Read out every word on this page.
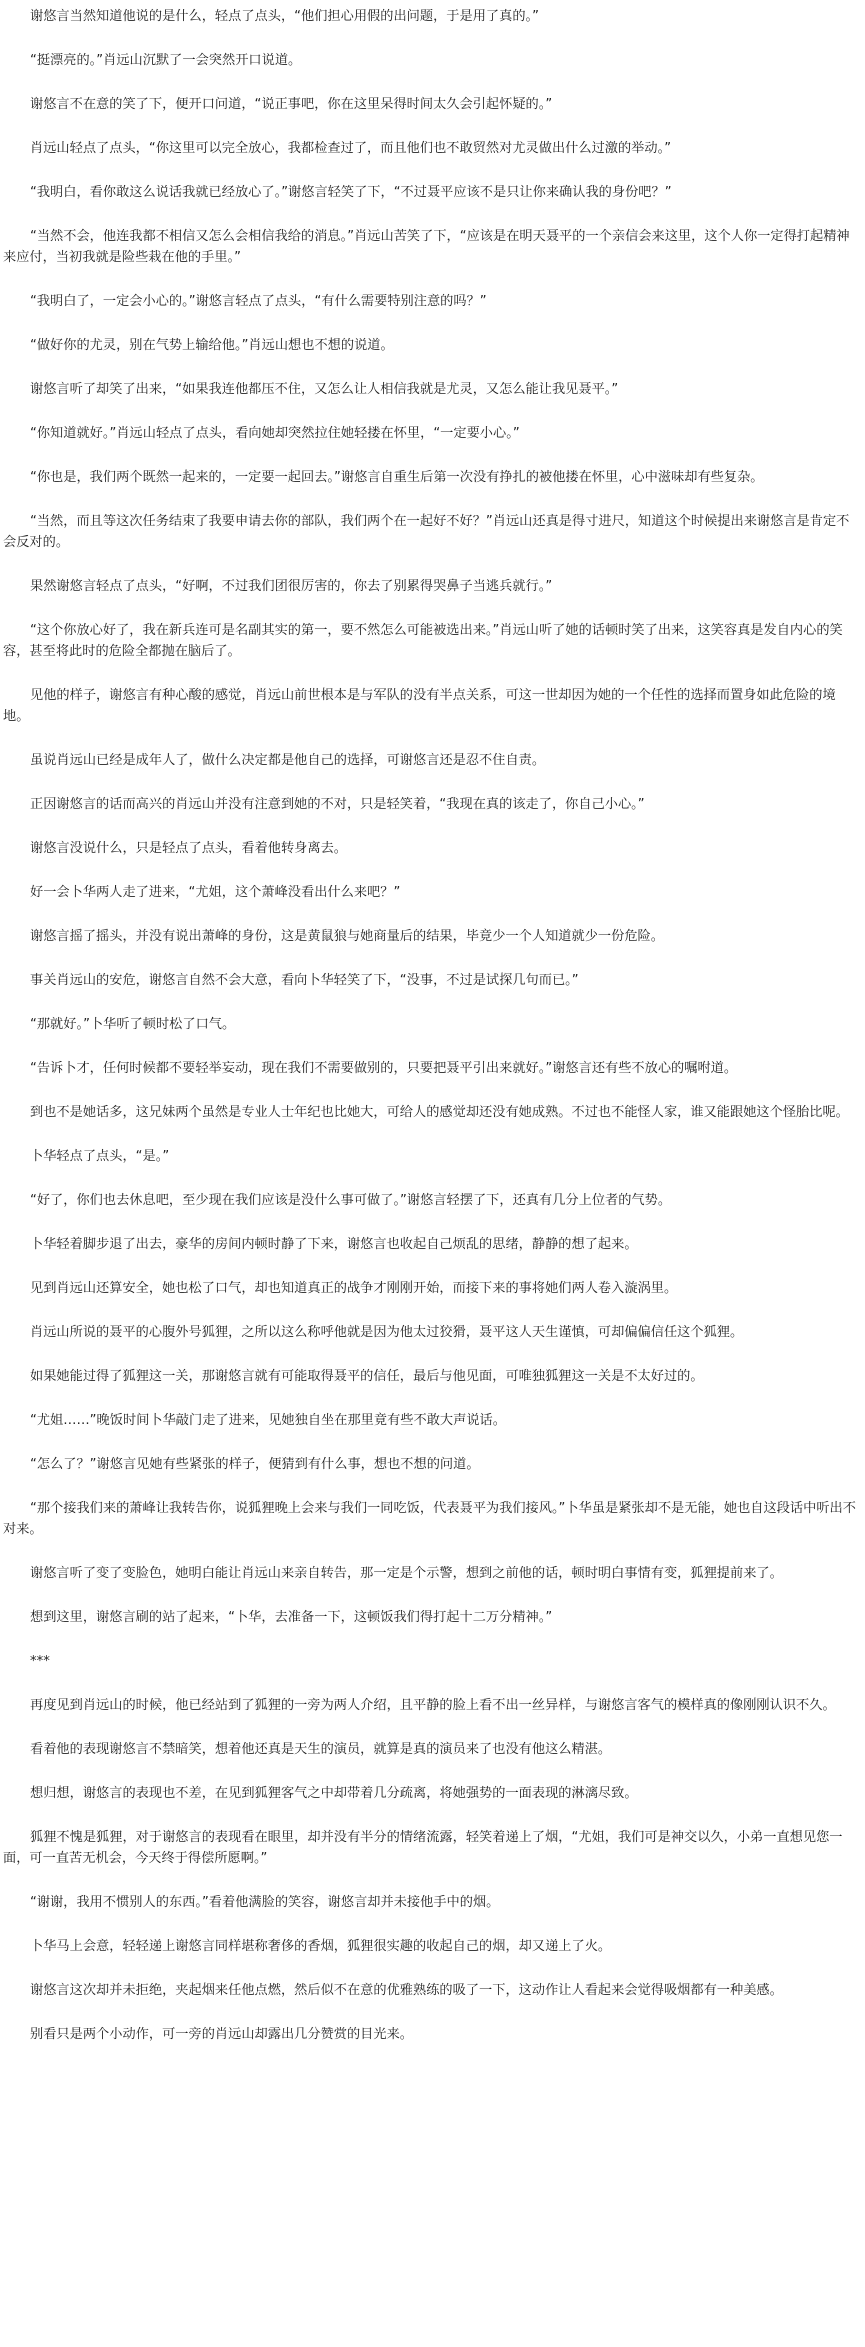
谢悠言当然知道他说的是什么，轻点了点头，“他们担心用假的出问题，于是用了真的。”

“挺漂亮的。”肖远山沉默了一会突然开口说道。

谢悠言不在意的笑了下，便开口问道，“说正事吧，你在这里呆得时间太久会引起怀疑的。”

肖远山轻点了点头，“你这里可以完全放心，我都检查过了，而且他们也不敢贸然对尤灵做出什么过激的举动。”

“我明白，看你敢这么说话我就已经放心了。”谢悠言轻笑了下，“不过聂平应该不是只让你来确认我的身份吧？”

“当然不会，他连我都不相信又怎么会相信我给的消息。”肖远山苦笑了下，“应该是在明天聂平的一个亲信会来这里，这个人你一定得打起精神来应付，当初我就是险些栽在他的手里。”

“我明白了，一定会小心的。”谢悠言轻点了点头，“有什么需要特别注意的吗？”

“做好你的尤灵，别在气势上输给他。”肖远山想也不想的说道。

谢悠言听了却笑了出来，“如果我连他都压不住，又怎么让人相信我就是尤灵，又怎么能让我见聂平。”

“你知道就好。”肖远山轻点了点头，看向她却突然拉住她轻搂在怀里，“一定要小心。”

“你也是，我们两个既然一起来的，一定要一起回去。”谢悠言自重生后第一次没有挣扎的被他搂在怀里，心中滋味却有些复杂。

“当然，而且等这次任务结束了我要申请去你的部队，我们两个在一起好不好？”肖远山还真是得寸进尺，知道这个时候提出来谢悠言是肯定不会反对的。

果然谢悠言轻点了点头，“好啊，不过我们团很厉害的，你去了别累得哭鼻子当逃兵就行。”

“这个你放心好了，我在新兵连可是名副其实的第一，要不然怎么可能被选出来。”肖远山听了她的话顿时笑了出来，这笑容真是发自内心的笑容，甚至将此时的危险全都抛在脑后了。

见他的样子，谢悠言有种心酸的感觉，肖远山前世根本是与军队的没有半点关系，可这一世却因为她的一个任性的选择而置身如此危险的境地。

虽说肖远山已经是成年人了，做什么决定都是他自己的选择，可谢悠言还是忍不住自责。

正因谢悠言的话而高兴的肖远山并没有注意到她的不对，只是轻笑着，“我现在真的该走了，你自己小心。”

谢悠言没说什么，只是轻点了点头，看着他转身离去。

好一会卜华两人走了进来，“尤姐，这个萧峰没看出什么来吧？”

谢悠言摇了摇头，并没有说出萧峰的身份，这是黄鼠狼与她商量后的结果，毕竟少一个人知道就少一份危险。

事关肖远山的安危，谢悠言自然不会大意，看向卜华轻笑了下，“没事，不过是试探几句而已。”

“那就好。”卜华听了顿时松了口气。

“告诉卜才，任何时候都不要轻举妄动，现在我们不需要做别的，只要把聂平引出来就好。”谢悠言还有些不放心的嘱咐道。

到也不是她话多，这兄妹两个虽然是专业人士年纪也比她大，可给人的感觉却还没有她成熟。不过也不能怪人家，谁又能跟她这个怪胎比呢。

卜华轻点了点头，“是。”

“好了，你们也去休息吧，至少现在我们应该是没什么事可做了。”谢悠言轻摆了下，还真有几分上位者的气势。

卜华轻着脚步退了出去，豪华的房间内顿时静了下来，谢悠言也收起自己烦乱的思绪，静静的想了起来。

见到肖远山还算安全，她也松了口气，却也知道真正的战争才刚刚开始，而接下来的事将她们两人卷入漩涡里。

肖远山所说的聂平的心腹外号狐狸，之所以这么称呼他就是因为他太过狡猾，聂平这人天生谨慎，可却偏偏信任这个狐狸。

如果她能过得了狐狸这一关，那谢悠言就有可能取得聂平的信任，最后与他见面，可唯独狐狸这一关是不太好过的。

“尤姐……”晚饭时间卜华敲门走了进来，见她独自坐在那里竟有些不敢大声说话。

“怎么了？”谢悠言见她有些紧张的样子，便猜到有什么事，想也不想的问道。

“那个接我们来的萧峰让我转告你，说狐狸晚上会来与我们一同吃饭，代表聂平为我们接风。”卜华虽是紧张却不是无能，她也自这段话中听出不对来。

谢悠言听了变了变脸色，她明白能让肖远山来亲自转告，那一定是个示警，想到之前他的话，顿时明白事情有变，狐狸提前来了。

想到这里，谢悠言刷的站了起来，“卜华，去准备一下，这顿饭我们得打起十二万分精神。”

***

再度见到肖远山的时候，他已经站到了狐狸的一旁为两人介绍，且平静的脸上看不出一丝异样，与谢悠言客气的模样真的像刚刚认识不久。

看着他的表现谢悠言不禁暗笑，想着他还真是天生的演员，就算是真的演员来了也没有他这么精湛。

想归想，谢悠言的表现也不差，在见到狐狸客气之中却带着几分疏离，将她强势的一面表现的淋漓尽致。

狐狸不愧是狐狸，对于谢悠言的表现看在眼里，却并没有半分的情绪流露，轻笑着递上了烟，“尤姐，我们可是神交以久，小弟一直想见您一面，可一直苦无机会，今天终于得偿所愿啊。”

“谢谢，我用不惯别人的东西。”看着他满脸的笑容，谢悠言却并未接他手中的烟。

卜华马上会意，轻轻递上谢悠言同样堪称奢侈的香烟，狐狸很实趣的收起自己的烟，却又递上了火。

谢悠言这次却并未拒绝，夹起烟来任他点燃，然后似不在意的优雅熟练的吸了一下，这动作让人看起来会觉得吸烟都有一种美感。

别看只是两个小动作，可一旁的肖远山却露出几分赞赏的目光来。
